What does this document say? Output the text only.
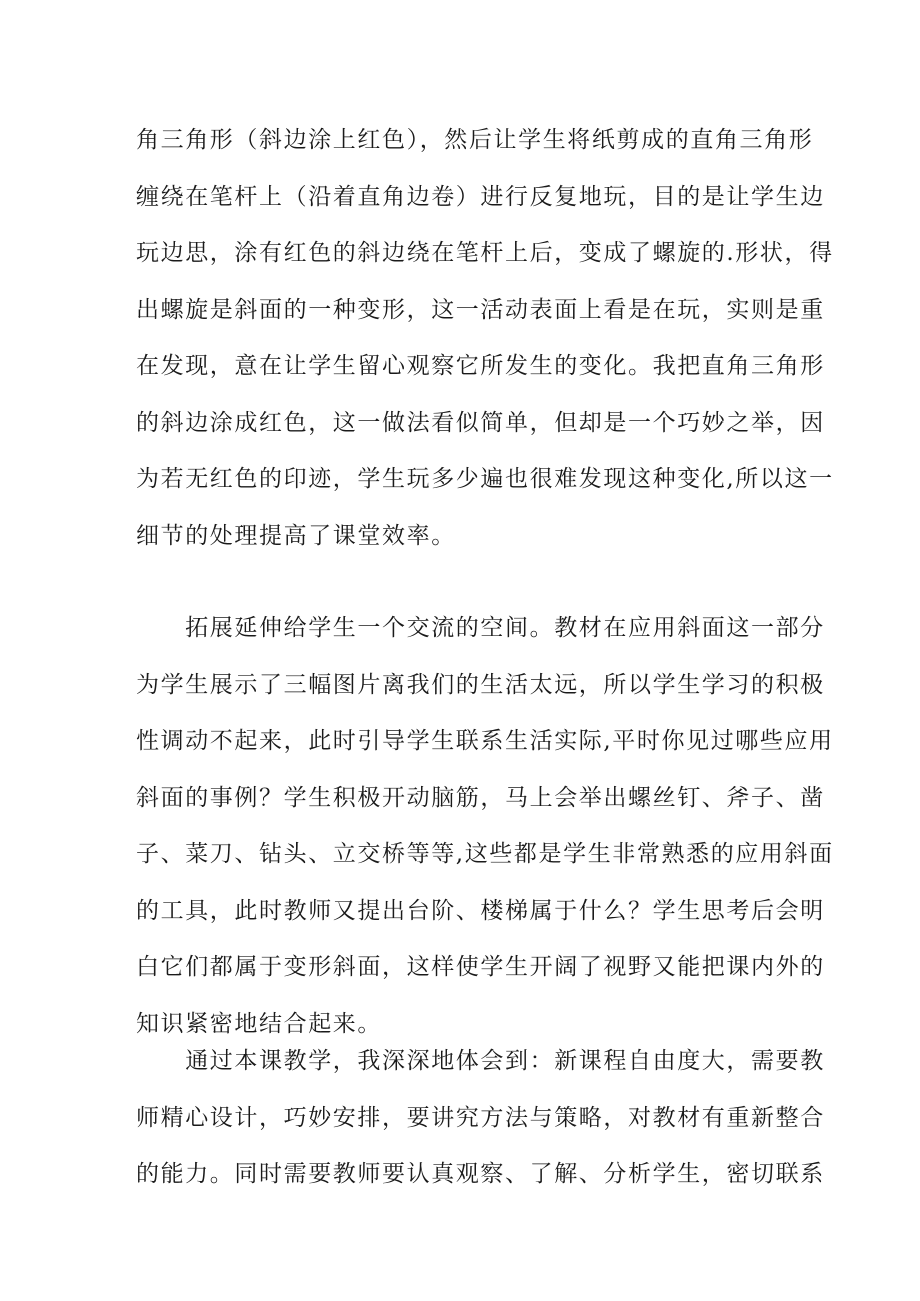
角三角形（斜边涂上红色），然后让学生将纸剪成的直角三角形
缠绕在笔杆上（沿着直角边卷）进行反复地玩，目的是让学生边
玩边思，涂有红色的斜边绕在笔杆上后，变成了螺旋的.形状，得
出螺旋是斜面的一种变形，这一活动表面上看是在玩，实则是重
在发现，意在让学生留心观察它所发生的变化。我把直角三角形
的斜边涂成红色，这一做法看似简单，但却是一个巧妙之举，因
为若无红色的印迹，学生玩多少遍也很难发现这种变化,所以这一
细节的处理提高了课堂效率。
　　拓展延伸给学生一个交流的空间。教材在应用斜面这一部分
为学生展示了三幅图片离我们的生活太远，所以学生学习的积极
性调动不起来，此时引导学生联系生活实际,平时你见过哪些应用
斜面的事例？学生积极开动脑筋，马上会举出螺丝钉、斧子、凿
子、菜刀、钻头、立交桥等等,这些都是学生非常熟悉的应用斜面
的工具，此时教师又提出台阶、楼梯属于什么？学生思考后会明
白它们都属于变形斜面，这样使学生开阔了视野又能把课内外的
知识紧密地结合起来。
　　通过本课教学，我深深地体会到：新课程自由度大，需要教
师精心设计，巧妙安排，要讲究方法与策略，对教材有重新整合
的能力。同时需要教师要认真观察、了解、分析学生，密切联系
